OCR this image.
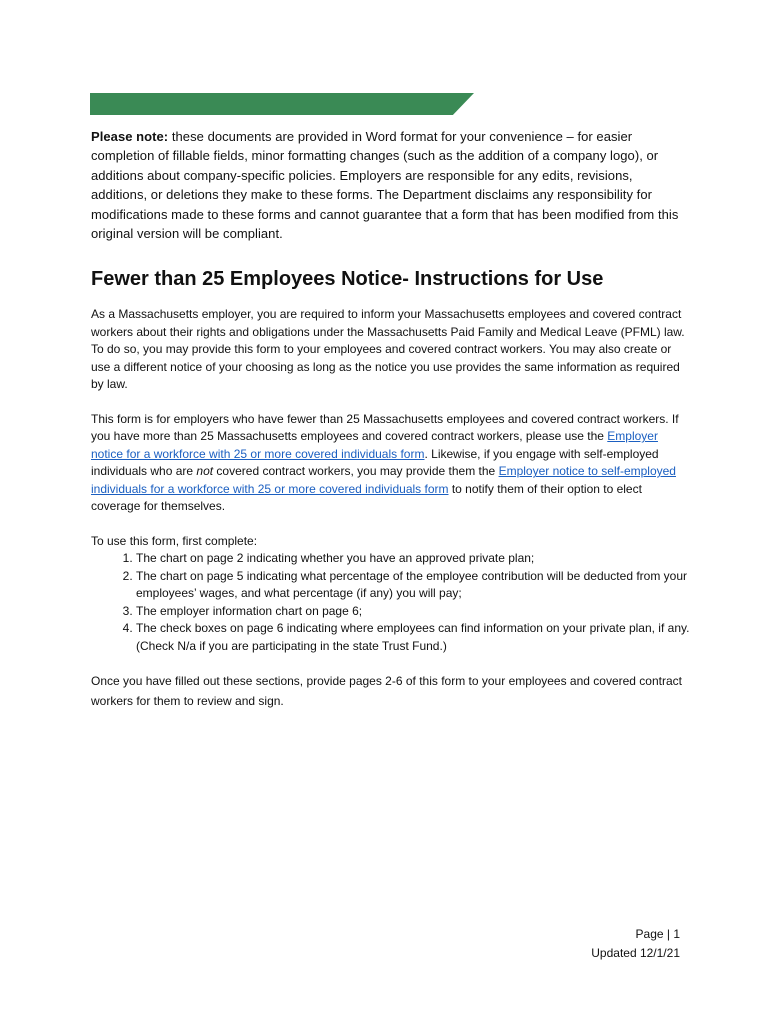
Please note: these documents are provided in Word format for your convenience – for easier completion of fillable fields, minor formatting changes (such as the addition of a company logo), or additions about company-specific policies. Employers are responsible for any edits, revisions, additions, or deletions they make to these forms. The Department disclaims any responsibility for modifications made to these forms and cannot guarantee that a form that has been modified from this original version will be compliant.

Fewer than 25 Employees Notice- Instructions for Use

As a Massachusetts employer, you are required to inform your Massachusetts employees and covered contract workers about their rights and obligations under the Massachusetts Paid Family and Medical Leave (PFML) law. To do so, you may provide this form to your employees and covered contract workers. You may also create or use a different notice of your choosing as long as the notice you use provides the same information as required by law.

This form is for employers who have fewer than 25 Massachusetts employees and covered contract workers. If you have more than 25 Massachusetts employees and covered contract workers, please use the Employer notice for a workforce with 25 or more covered individuals form. Likewise, if you engage with self-employed individuals who are not covered contract workers, you may provide them the Employer notice to self-employed individuals for a workforce with 25 or more covered individuals form to notify them of their option to elect coverage for themselves.

To use this form, first complete:

1. The chart on page 2 indicating whether you have an approved private plan;
2. The chart on page 5 indicating what percentage of the employee contribution will be deducted from your employees’ wages, and what percentage (if any) you will pay;
3. The employer information chart on page 6;
4. The check boxes on page 6 indicating where employees can find information on your private plan, if any. (Check N/a if you are participating in the state Trust Fund.)

Once you have filled out these sections, provide pages 2-6 of this form to your employees and covered contract workers for them to review and sign.

Page | 1
Updated 12/1/21
